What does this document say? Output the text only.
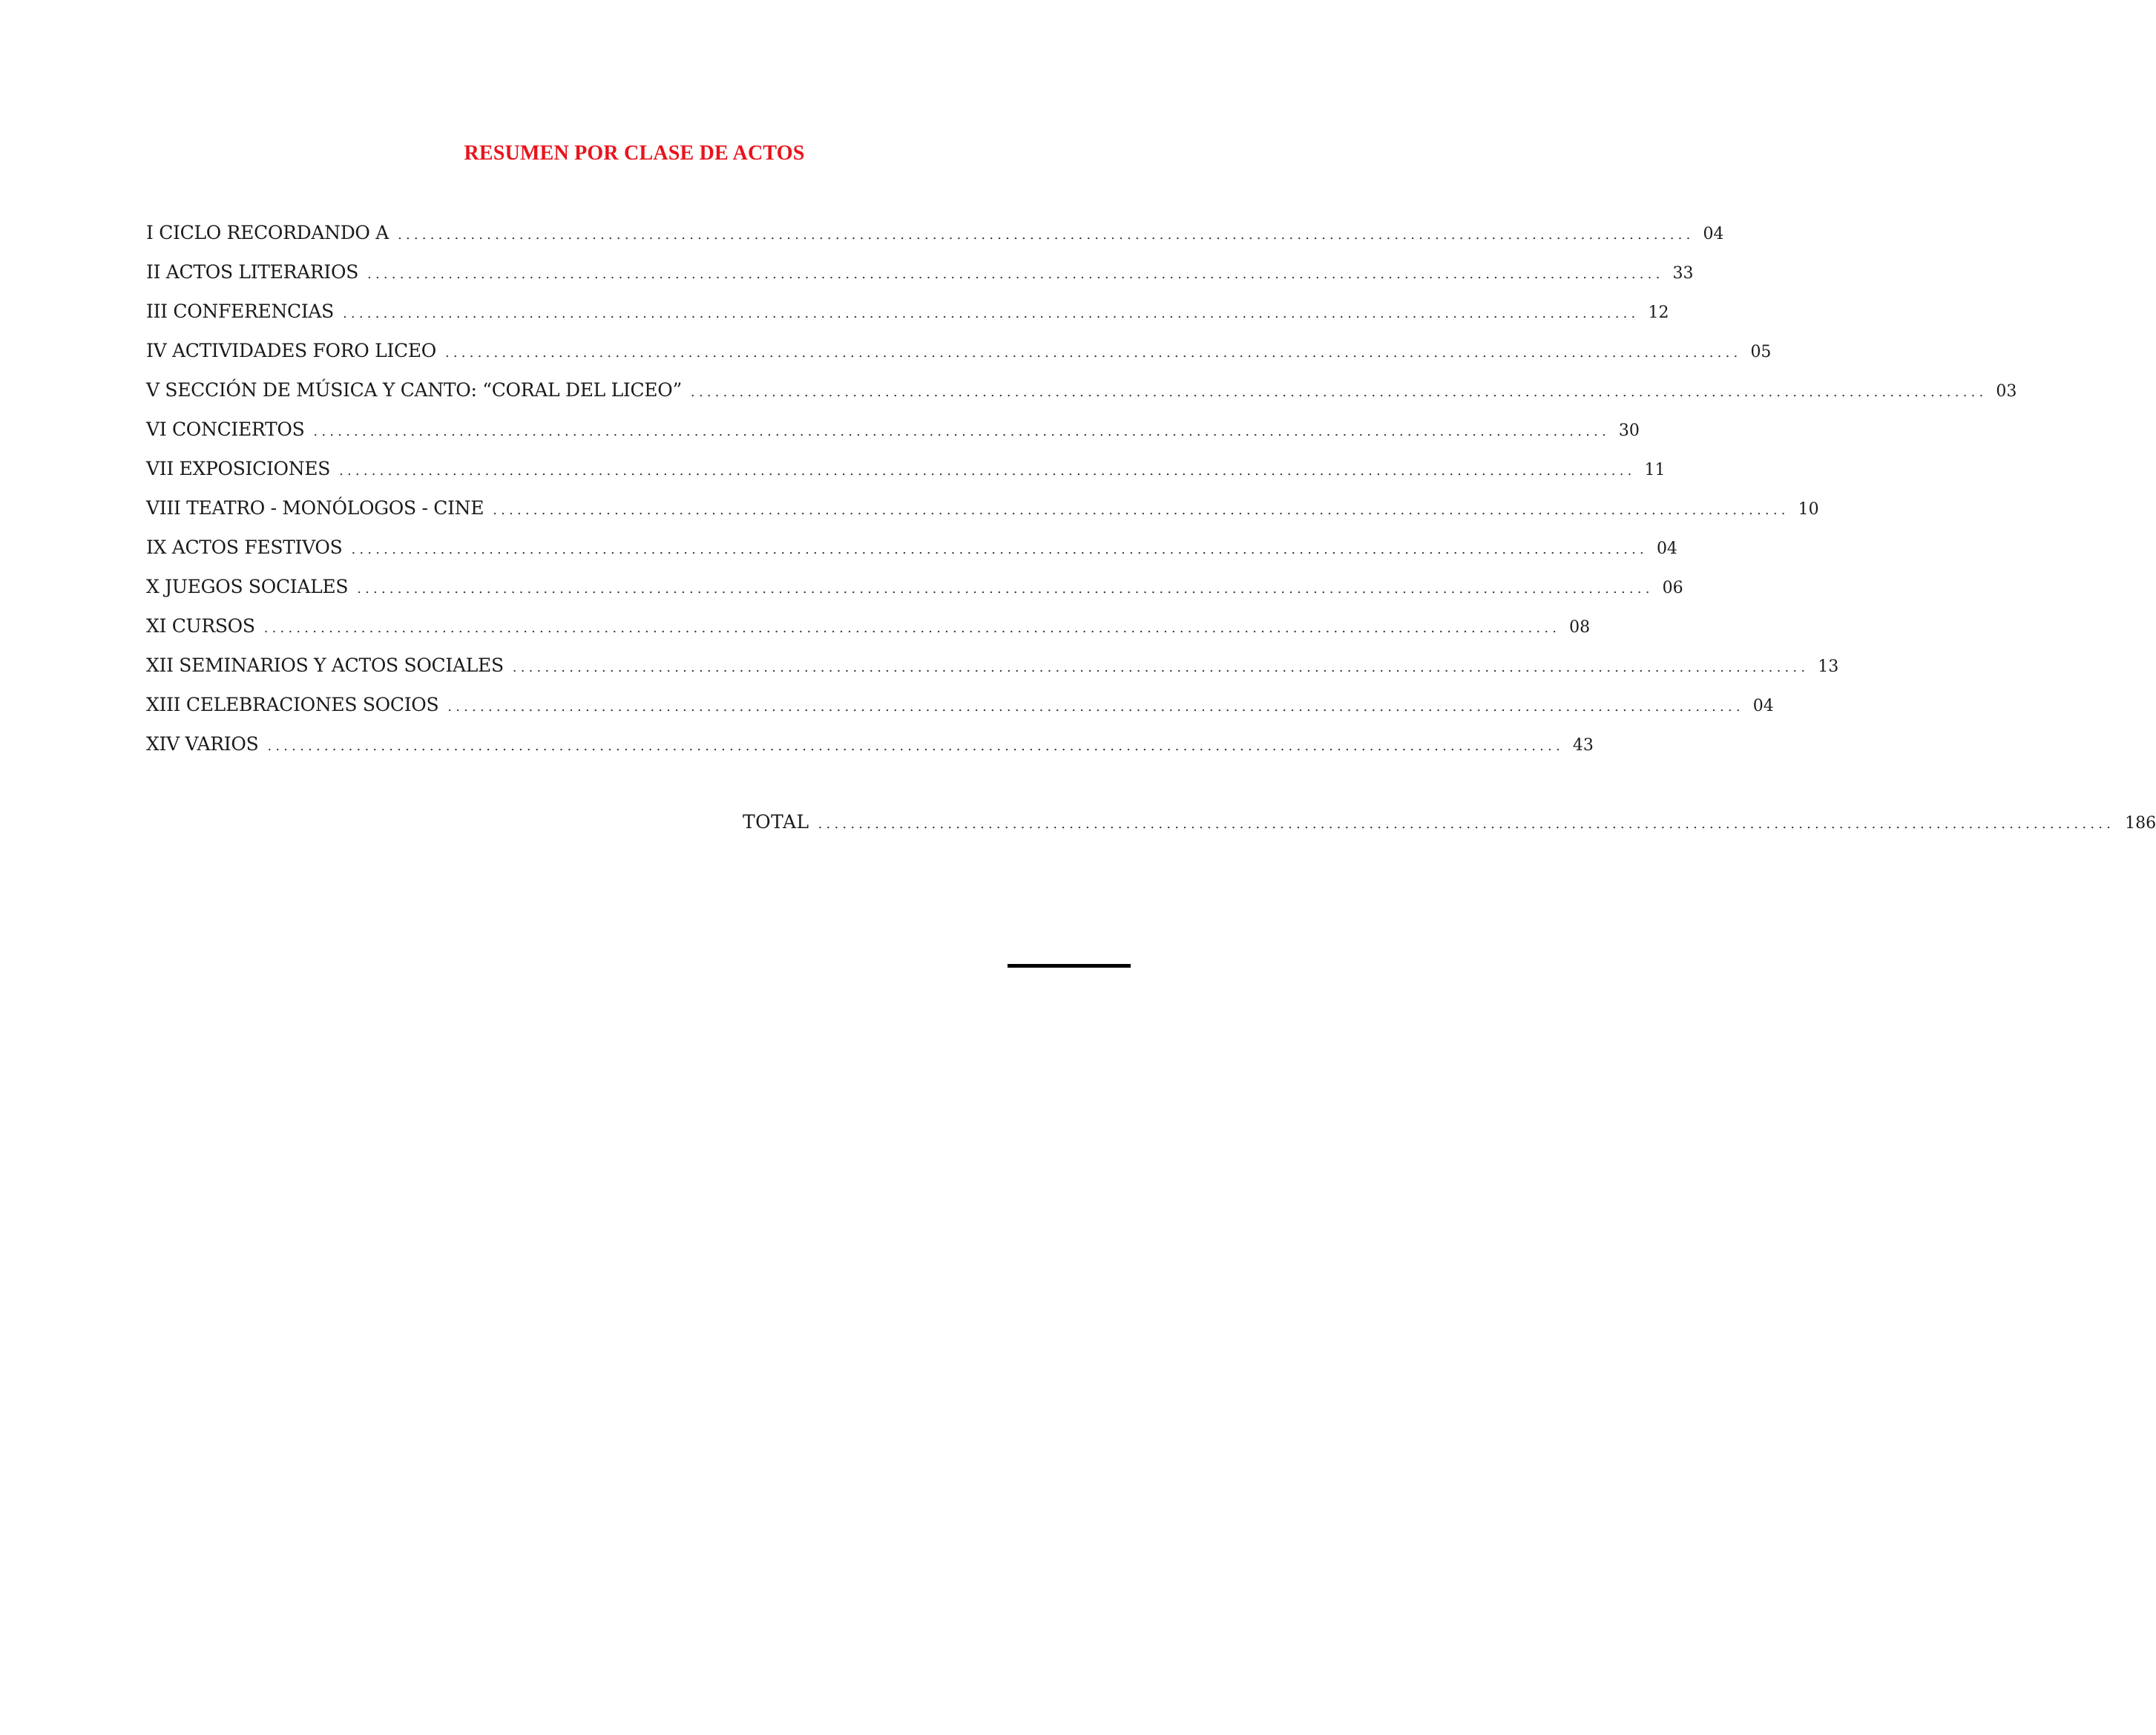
RESUMEN POR CLASE DE ACTOS
I CICLO RECORDANDO A ................................................................................................................................................................ 04
II ACTOS LITERARIOS ................................................................................................................................................................ 33
III CONFERENCIAS ................................................................................................................................................................ 12
IV ACTIVIDADES FORO LICEO ................................................................................................................................................................ 05
V SECCIÓN DE MÚSICA Y CANTO: “CORAL DEL LICEO” ................................................................................................................................................................ 03
VI CONCIERTOS ................................................................................................................................................................ 30
VII EXPOSICIONES ................................................................................................................................................................ 11
VIII TEATRO - MONÓLOGOS - CINE ................................................................................................................................................................ 10
IX ACTOS FESTIVOS ................................................................................................................................................................ 04
X JUEGOS SOCIALES ................................................................................................................................................................ 06
XI CURSOS ................................................................................................................................................................ 08
XII SEMINARIOS Y ACTOS SOCIALES ................................................................................................................................................................ 13
XIII CELEBRACIONES SOCIOS ................................................................................................................................................................ 04
XIV VARIOS ................................................................................................................................................................ 43
TOTAL ................................................................................................................................................................ 186
